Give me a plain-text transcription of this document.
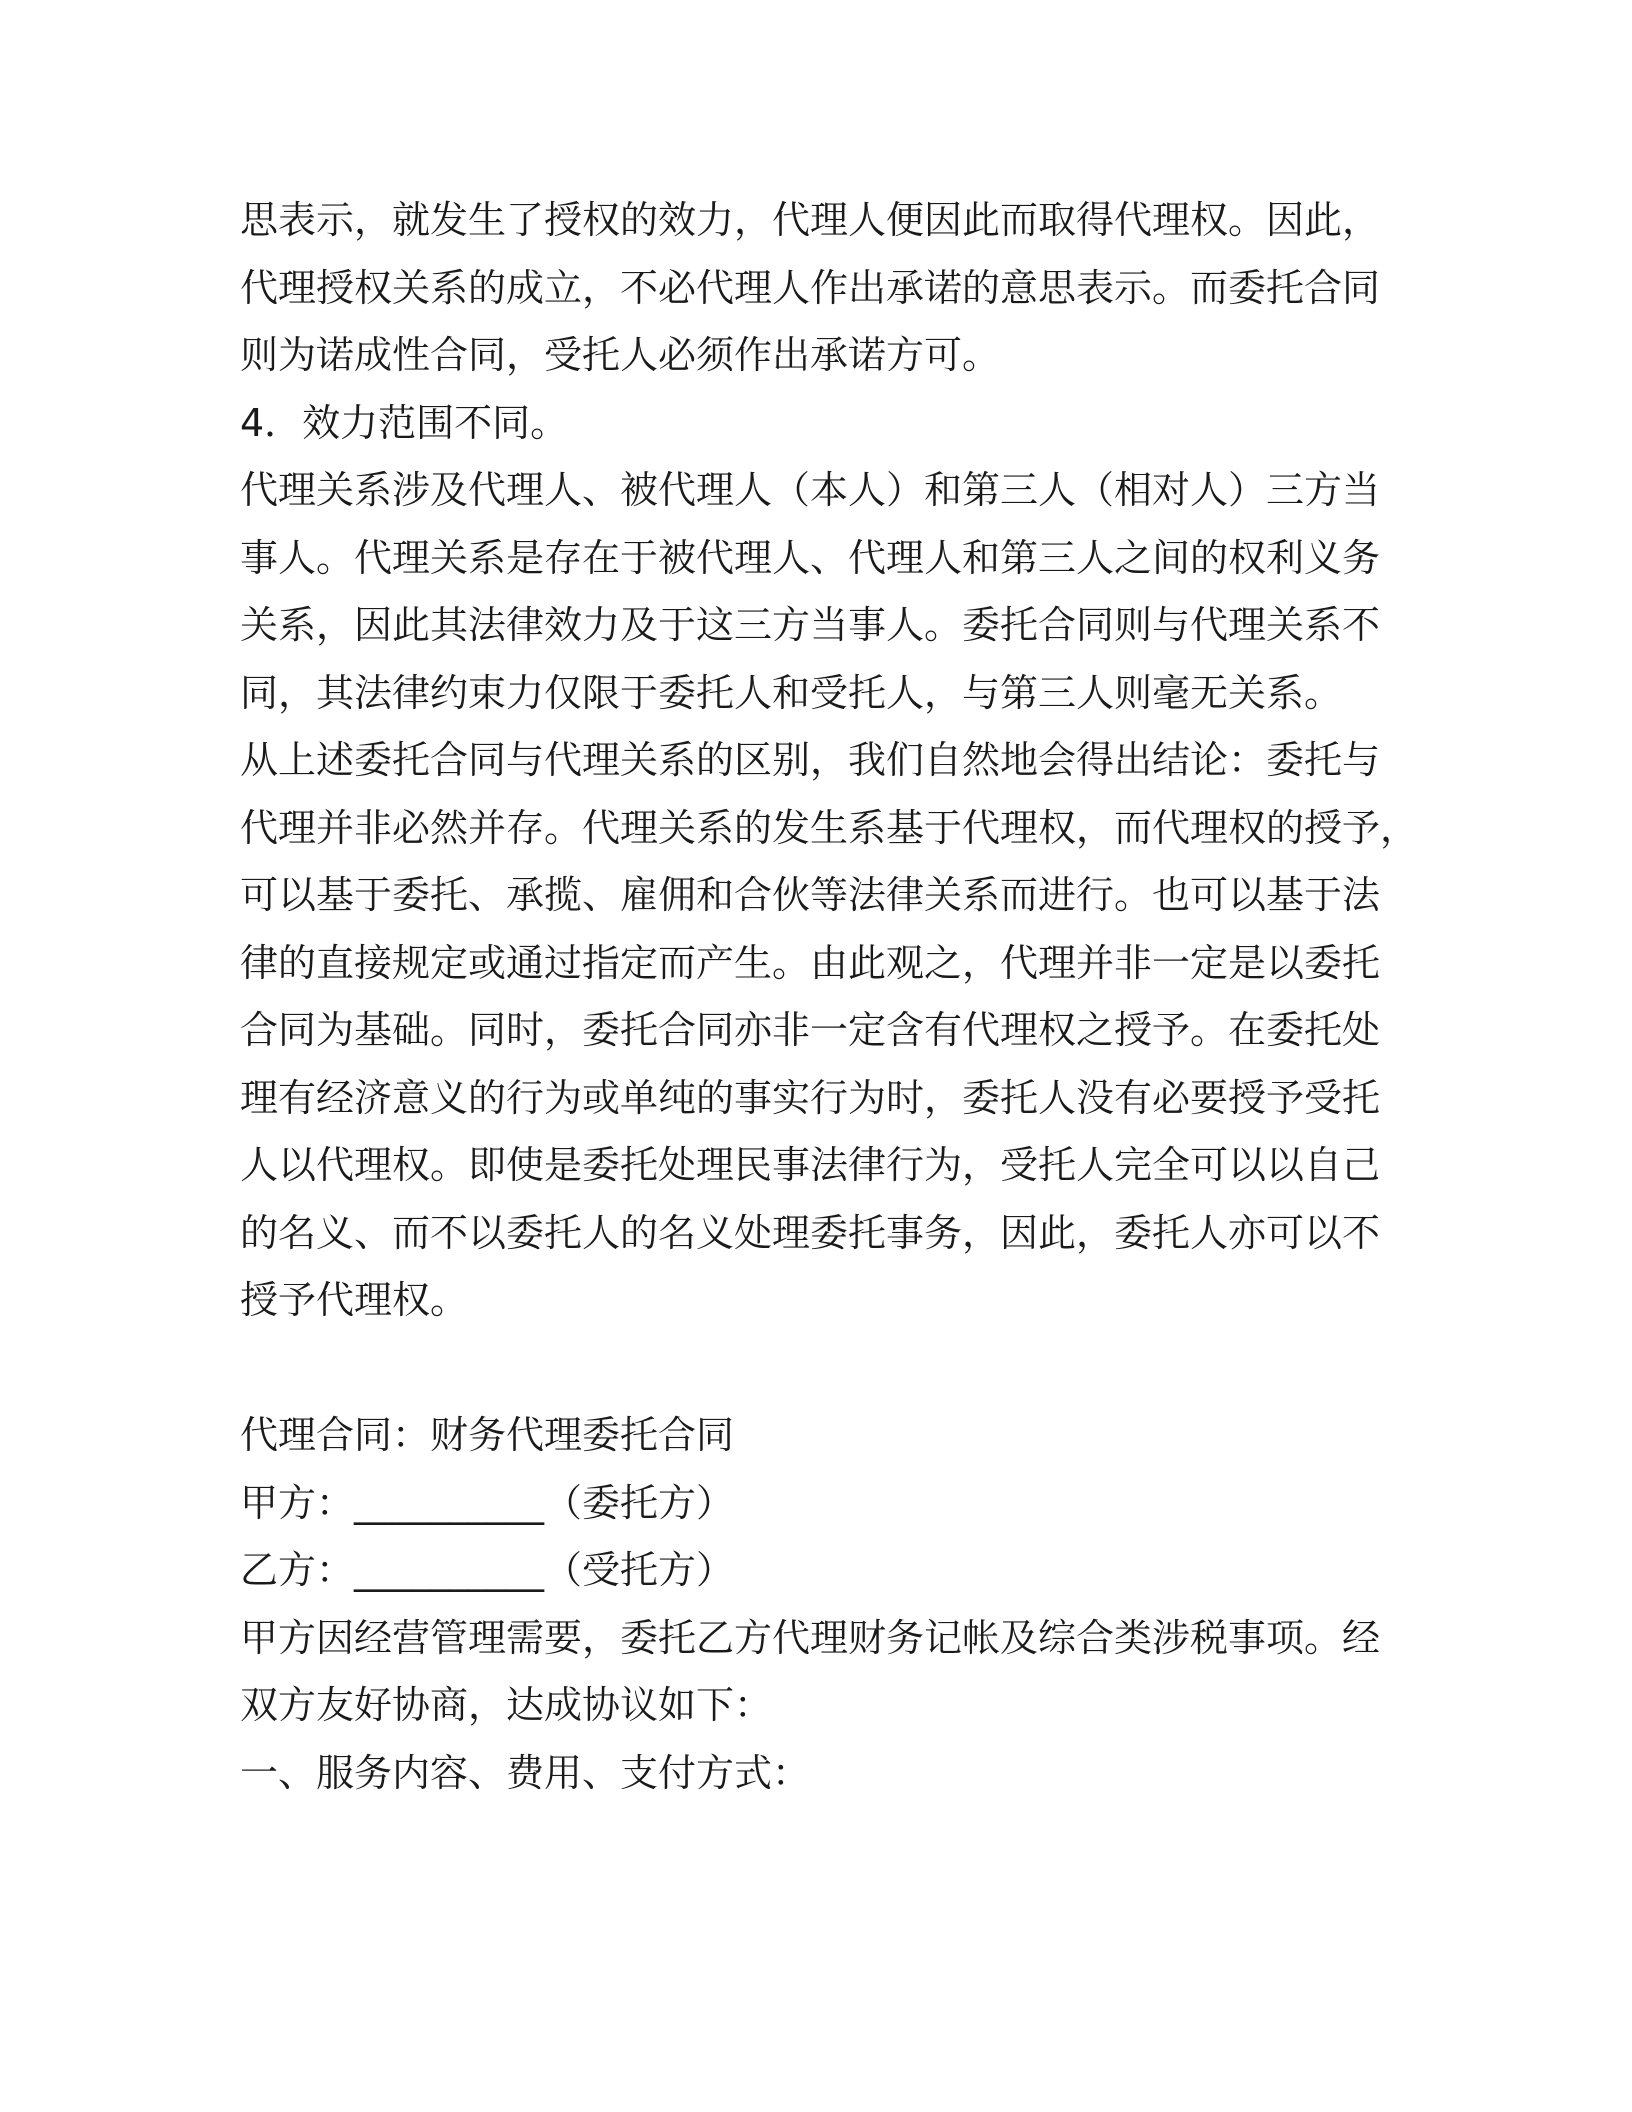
思表示，就发生了授权的效力，代理人便因此而取得代理权。因此，
代理授权关系的成立，不必代理人作出承诺的意思表示。而委托合同
则为诺成性合同，受托人必须作出承诺方可。
4．效力范围不同。
代理关系涉及代理人、被代理人（本人）和第三人（相对人）三方当
事人。代理关系是存在于被代理人、代理人和第三人之间的权利义务
关系，因此其法律效力及于这三方当事人。委托合同则与代理关系不
同，其法律约束力仅限于委托人和受托人，与第三人则毫无关系。
从上述委托合同与代理关系的区别，我们自然地会得出结论：委托与
代理并非必然并存。代理关系的发生系基于代理权，而代理权的授予，
可以基于委托、承揽、雇佣和合伙等法律关系而进行。也可以基于法
律的直接规定或通过指定而产生。由此观之，代理并非一定是以委托
合同为基础。同时，委托合同亦非一定含有代理权之授予。在委托处
理有经济意义的行为或单纯的事实行为时，委托人没有必要授予受托
人以代理权。即使是委托处理民事法律行为，受托人完全可以以自己
的名义、而不以委托人的名义处理委托事务，因此，委托人亦可以不
授予代理权。
代理合同：财务代理委托合同
甲方：__________（委托方）
乙方：__________（受托方）
甲方因经营管理需要，委托乙方代理财务记帐及综合类涉税事项。经
双方友好协商，达成协议如下：
一、服务内容、费用、支付方式：
